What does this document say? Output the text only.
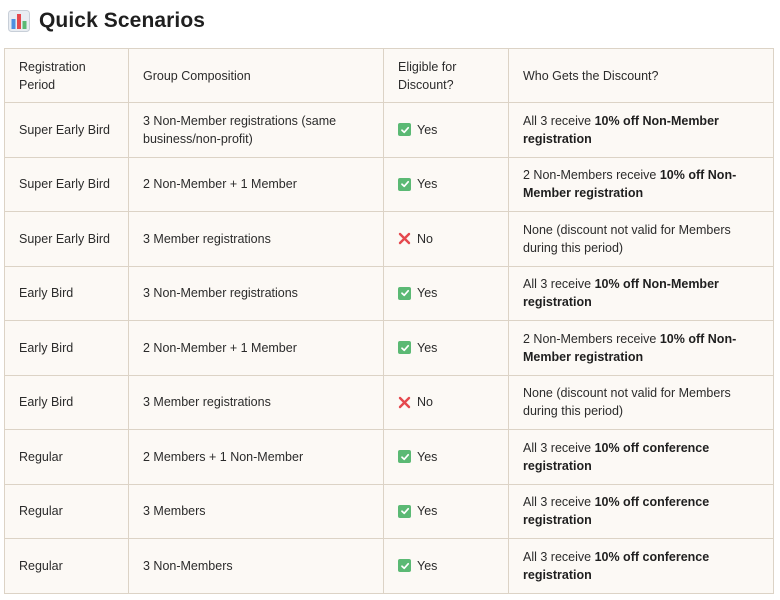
Quick Scenarios
Registration Period	Group Composition	Eligible for Discount?	Who Gets the Discount?
Super Early Bird	3 Non-Member registrations (same business/non-profit)	Yes	All 3 receive 10% off Non-Member registration
Super Early Bird	2 Non-Member + 1 Member	Yes	2 Non-Members receive 10% off Non-Member registration
Super Early Bird	3 Member registrations	No	None (discount not valid for Members during this period)
Early Bird	3 Non-Member registrations	Yes	All 3 receive 10% off Non-Member registration
Early Bird	2 Non-Member + 1 Member	Yes	2 Non-Members receive 10% off Non-Member registration
Early Bird	3 Member registrations	No	None (discount not valid for Members during this period)
Regular	2 Members + 1 Non-Member	Yes	All 3 receive 10% off conference registration
Regular	3 Members	Yes	All 3 receive 10% off conference registration
Regular	3 Non-Members	Yes	All 3 receive 10% off conference registration
